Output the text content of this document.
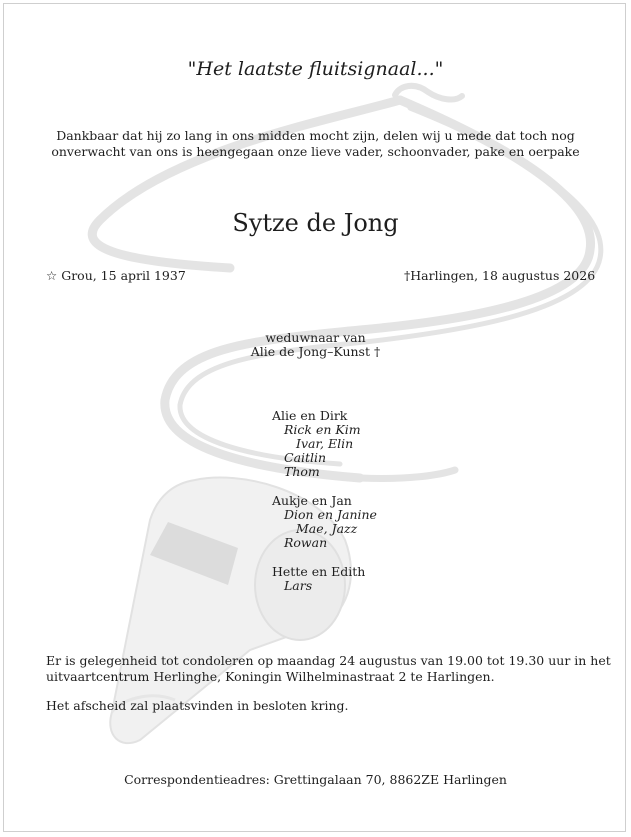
"Het laatste fluitsignaal..."
Dankbaar dat hij zo lang in ons midden mocht zijn, delen wij u mede dat toch nog
onverwacht van ons is heengegaan onze lieve vader, schoonvader, pake en oerpake
Sytze de Jong
☆ Grou, 15 april 1937	†Harlingen, 18 augustus 2026
weduwnaar van
Alie de Jong–Kunst †
Alie en Dirk
Rick en Kim
Ivar, Elin
Caitlin
Thom
Aukje en Jan
Dion en Janine
Mae, Jazz
Rowan
Hette en Edith
Lars
Er is gelegenheid tot condoleren op maandag 24 augustus van 19.00 tot 19.30 uur in het
uitvaartcentrum Herlinghe, Koningin Wilhelminastraat 2 te Harlingen.
Het afscheid zal plaatsvinden in besloten kring.
Correspondentieadres: Grettingalaan 70, 8862ZE Harlingen
